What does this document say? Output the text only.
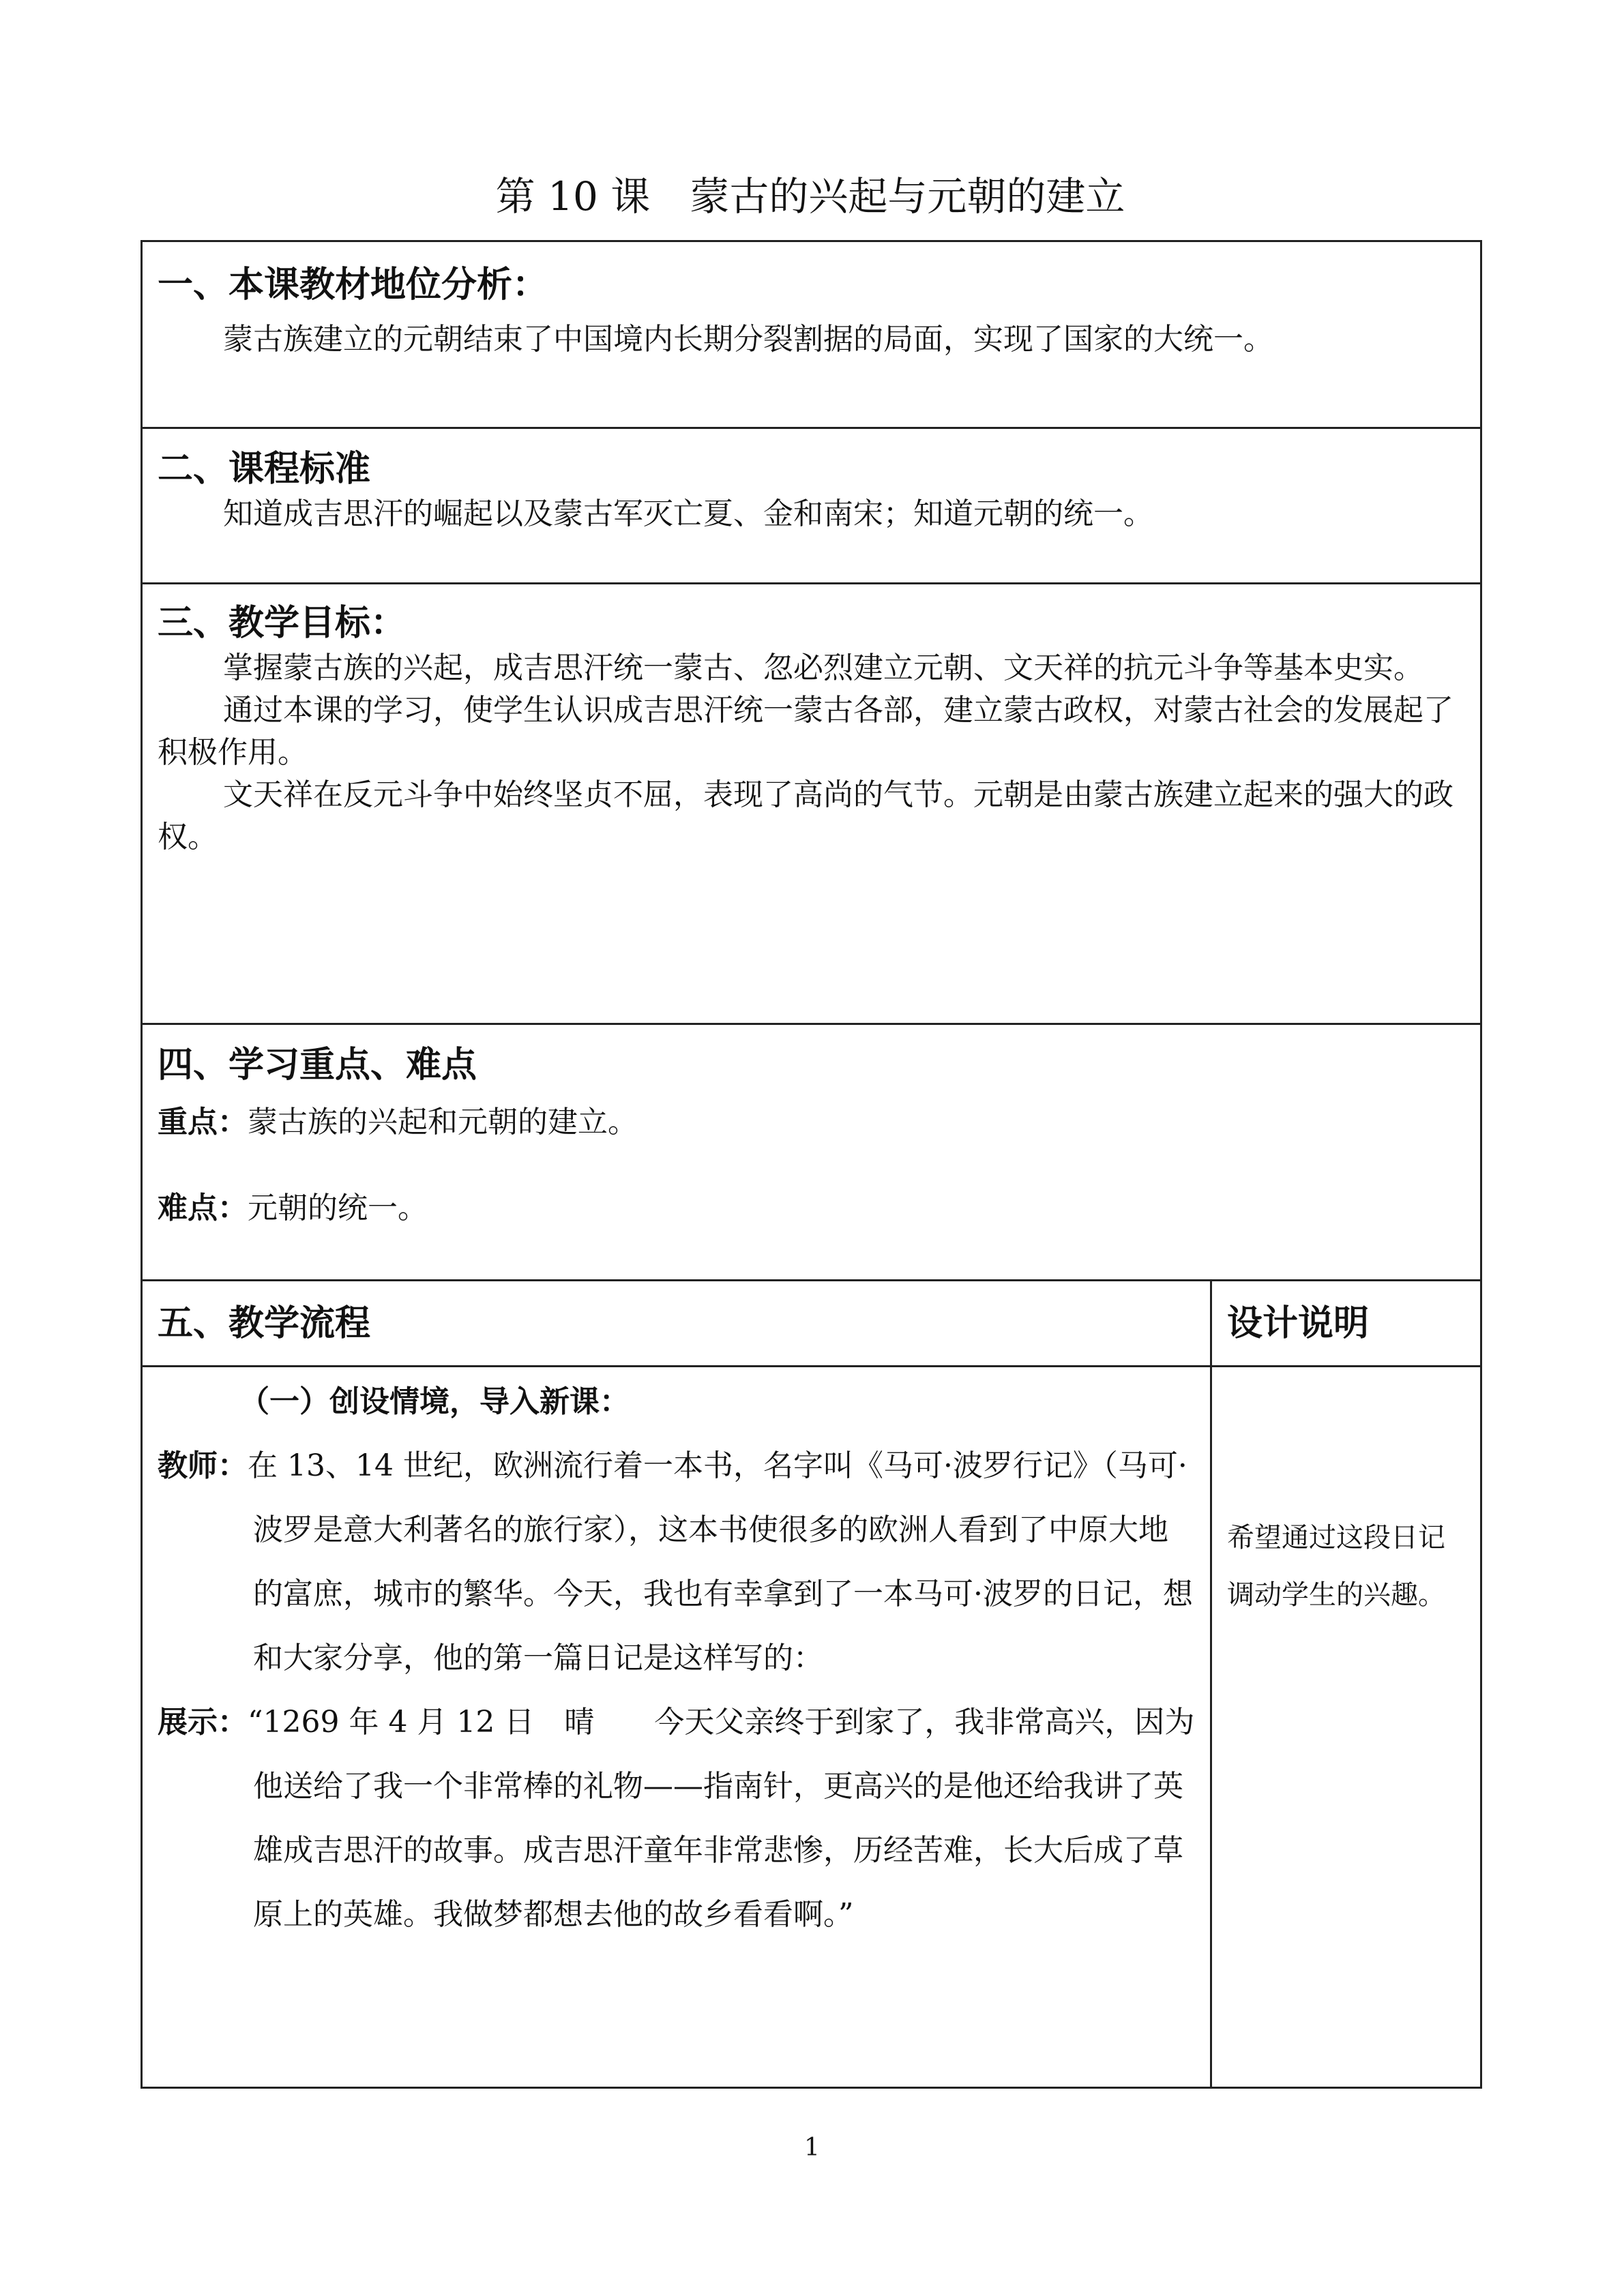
第 10 课　蒙古的兴起与元朝的建立

一、本课教材地位分析：

蒙古族建立的元朝结束了中国境内长期分裂割据的局面，实现了国家的大统一。	

二、课程标准

知道成吉思汗的崛起以及蒙古军灭亡夏、金和南宋；知道元朝的统一。	

三、教学目标：

掌握蒙古族的兴起，成吉思汗统一蒙古、忽必烈建立元朝、文天祥的抗元斗争等基本史实。

通过本课的学习，使学生认识成吉思汗统一蒙古各部，建立蒙古政权，对蒙古社会的发展起了积极作用。

文天祥在反元斗争中始终坚贞不屈，表现了高尚的气节。元朝是由蒙古族建立起来的强大的政权。	

四、学习重点、难点

重点：蒙古族的兴起和元朝的建立。

难点：元朝的统一。	

五、教学流程	设计说明

（一）创设情境，导入新课：

教师：在 13、14 世纪，欧洲流行着一本书，名字叫《马可·波罗行记》（马可·波罗是意大利著名的旅行家），这本书使很多的欧洲人看到了中原大地的富庶，城市的繁华。今天，我也有幸拿到了一本马可·波罗的日记，想和大家分享，他的第一篇日记是这样写的：

展示：“1269 年 4 月 12 日　晴　　今天父亲终于到家了，我非常高兴，因为他送给了我一个非常棒的礼物——指南针，更高兴的是他还给我讲了英雄成吉思汗的故事。成吉思汗童年非常悲惨，历经苦难，长大后成了草原上的英雄。我做梦都想去他的故乡看看啊。”	希望通过这段日记调动学生的兴趣。

1
